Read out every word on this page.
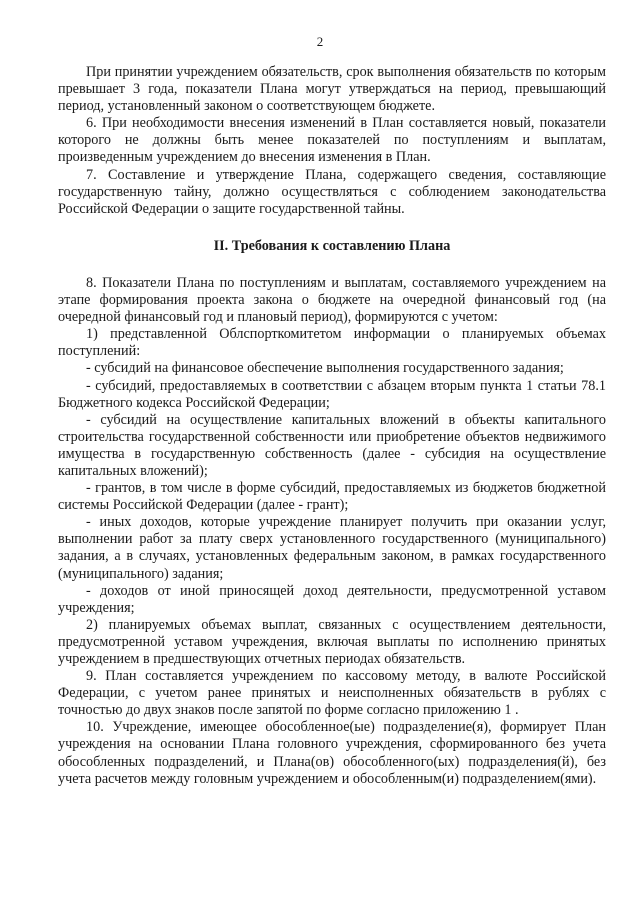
2

При принятии учреждением обязательств, срок выполнения обязательств по которым превышает 3 года, показатели Плана могут утверждаться на период, превышающий период, установленный законом о соответствующем бюджете.

6. При необходимости внесения изменений в План составляется новый, показатели которого не должны быть менее показателей по поступлениям и выплатам, произведенным учреждением до внесения изменения в План.

7. Составление и утверждение Плана, содержащего сведения, составляющие государственную тайну, должно осуществляться с соблюдением законодательства Российской Федерации о защите государственной тайны.

II. Требования к составлению Плана

8. Показатели Плана по поступлениям и выплатам, составляемого учреждением на этапе формирования проекта закона о бюджете на очередной финансовый год (на очередной финансовый год и плановый период), формируются с учетом:

1) представленной Облспорткомитетом информации о планируемых объемах поступлений:

- субсидий на финансовое обеспечение выполнения государственного задания;

- субсидий, предоставляемых в соответствии с абзацем вторым пункта 1 статьи 78.1 Бюджетного кодекса Российской Федерации;

- субсидий на осуществление капитальных вложений в объекты капитального строительства государственной собственности или приобретение объектов недвижимого имущества в государственную собственность (далее - субсидия на осуществление капитальных вложений);

- грантов, в том числе в форме субсидий, предоставляемых из бюджетов бюджетной системы Российской Федерации (далее - грант);

- иных доходов, которые учреждение планирует получить при оказании услуг, выполнении работ за плату сверх установленного государственного (муниципального) задания, а в случаях, установленных федеральным законом, в рамках государственного (муниципального) задания;

- доходов от иной приносящей доход деятельности, предусмотренной уставом учреждения;

2) планируемых объемах выплат, связанных с осуществлением деятельности, предусмотренной уставом учреждения, включая выплаты по исполнению принятых учреждением в предшествующих отчетных периодах обязательств.

9. План составляется учреждением по кассовому методу, в валюте Российской Федерации, с учетом ранее принятых и неисполненных обязательств в рублях с точностью до двух знаков после запятой по форме согласно приложению 1 .

10. Учреждение, имеющее обособленное(ые) подразделение(я), формирует План учреждения на основании Плана головного учреждения, сформированного без учета обособленных подразделений, и Плана(ов) обособленного(ых) подразделения(й), без учета расчетов между головным учреждением и обособленным(и) подразделением(ями).
